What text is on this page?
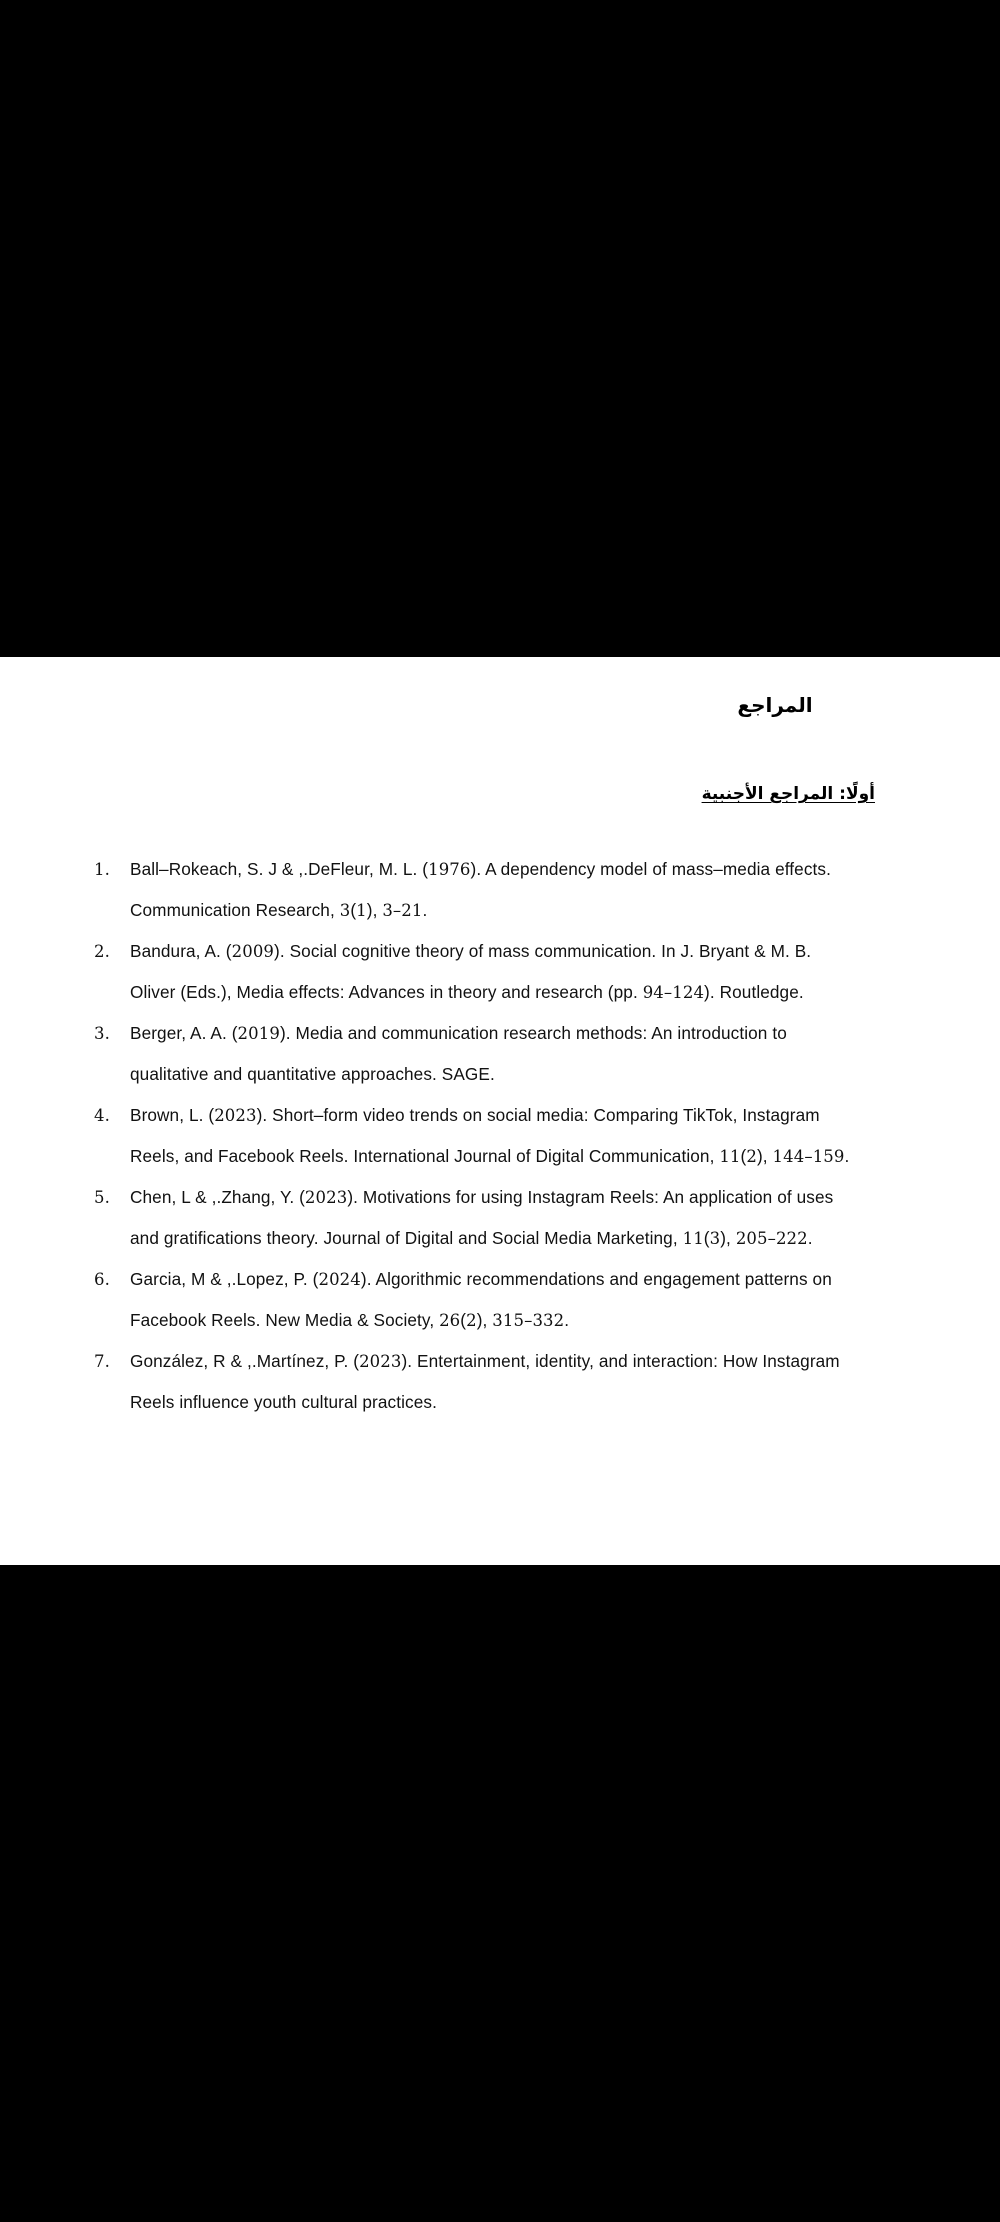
المراجع
أولًا: المراجع الأجنبية
1.	Ball–Rokeach, S. J & ,.DeFleur, M. L. (1976). A dependency model of mass–media effects. Communication Research, 3(1), 3–21.
2.	Bandura, A. (2009). Social cognitive theory of mass communication. In J. Bryant & M. B. Oliver (Eds.), Media effects: Advances in theory and research (pp. 94–124). Routledge.
3.	Berger, A. A. (2019). Media and communication research methods: An introduction to qualitative and quantitative approaches. SAGE.
4.	Brown, L. (2023). Short–form video trends on social media: Comparing TikTok, Instagram Reels, and Facebook Reels. International Journal of Digital Communication, 11(2), 144–159.
5.	Chen, L & ,.Zhang, Y. (2023). Motivations for using Instagram Reels: An application of uses and gratifications theory. Journal of Digital and Social Media Marketing, 11(3), 205–222.
6.	Garcia, M & ,.Lopez, P. (2024). Algorithmic recommendations and engagement patterns on Facebook Reels. New Media & Society, 26(2), 315–332.
7.	González, R & ,.Martínez, P. (2023). Entertainment, identity, and interaction: How Instagram Reels influence youth cultural practices.
